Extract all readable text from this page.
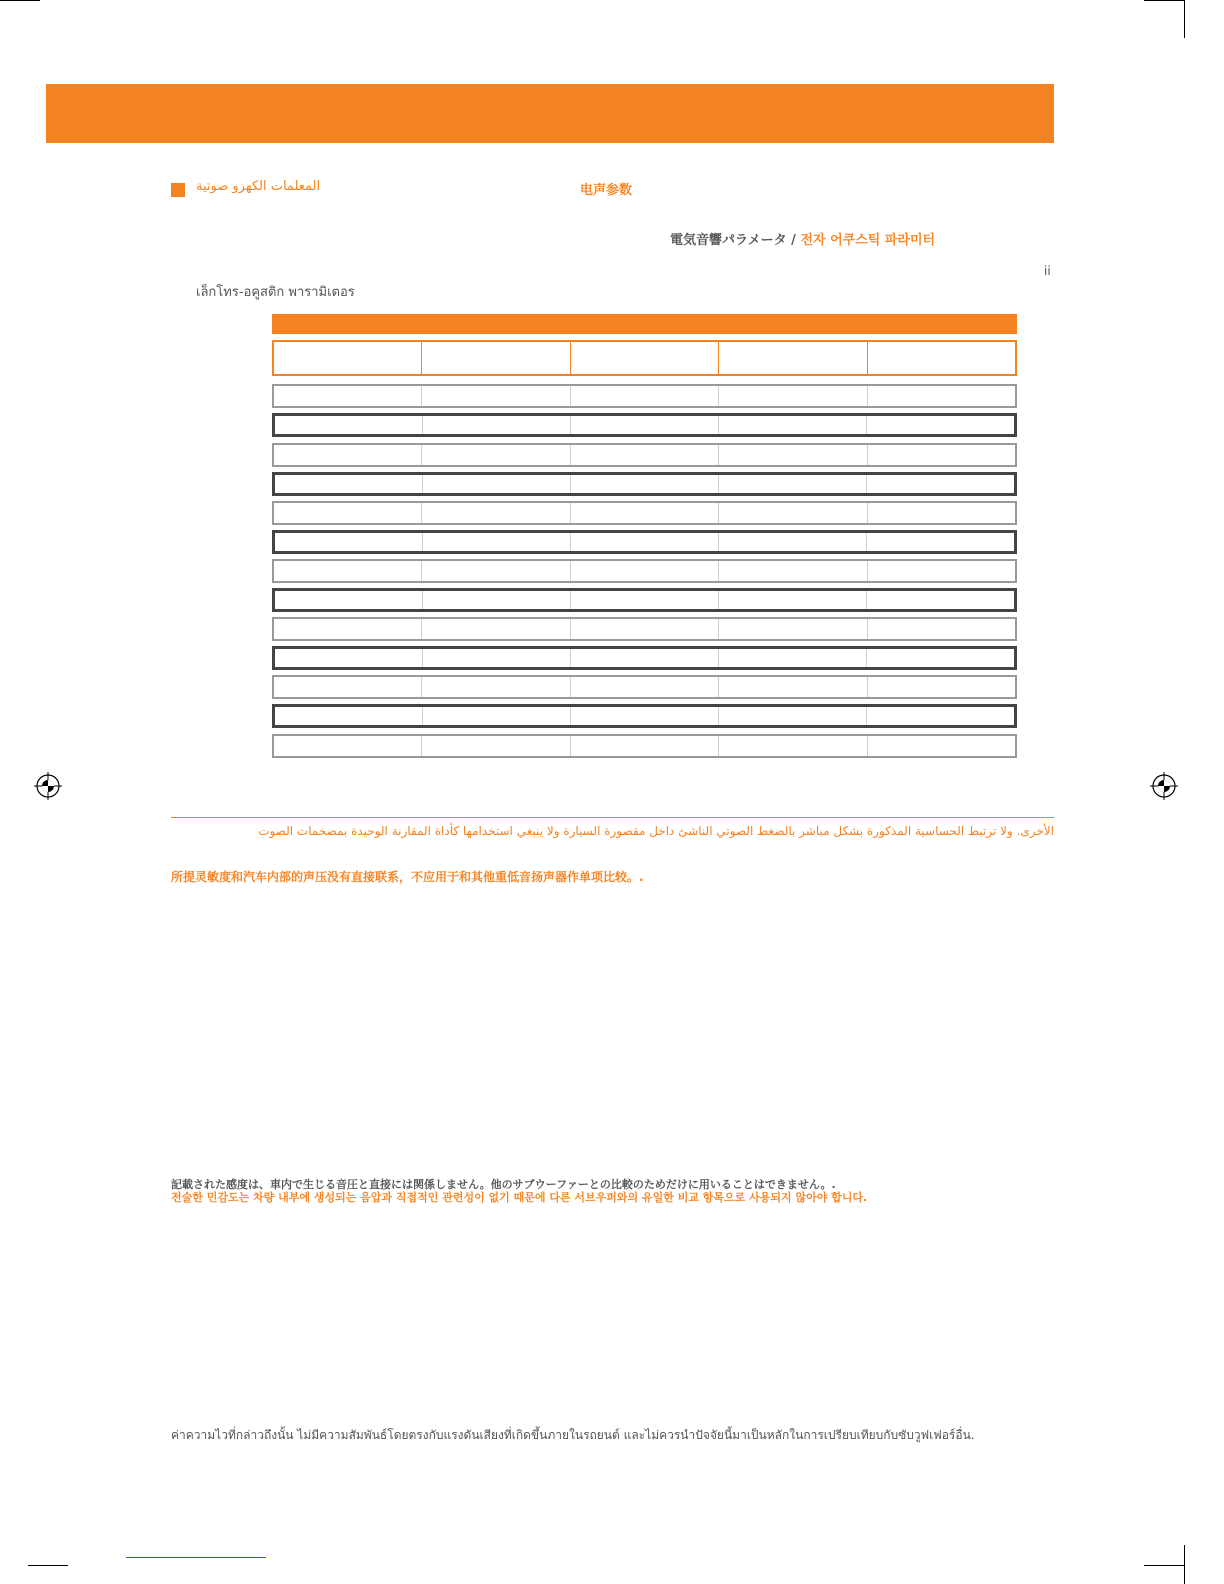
المعلمات الكهرو صوتية	电声参数
電気音響パラメータ / 전자 어쿠스틱 파라미터
ii
เล็กโทร-อคูสติก พารามิเตอร
الأخرى. ولا ترتبط الحساسية المذكورة بشكل مباشر بالضغط الصوتي الناشئ داخل مقصورة السيارة ولا ينبغي استخدامها كأداة المقارنة الوحيدة بمضخمات الصوت
所提灵敏度和汽车内部的声压没有直接联系，不应用于和其他重低音扬声器作单项比较。.
記載された感度は、車内で生じる音圧と直接には関係しません。他のサブウーファーとの比較のためだけに用いることはできません。.
전술한 민감도는 차량 내부에 생성되는 음압과 직접적인 관련성이 없기 때문에 다른 서브우퍼와의 유일한 비교 항목으로 사용되지 않아야 합니다.
ค่าความไวที่กล่าวถึงนั้น ไม่มีความสัมพันธ์โดยตรงกับแรงดันเสียงที่เกิดขึ้นภายในรถยนต์ และไม่ควรนำปัจจัยนี้มาเป็นหลักในการเปรียบเทียบกับซับวูฟเฟอร์อื่น.
